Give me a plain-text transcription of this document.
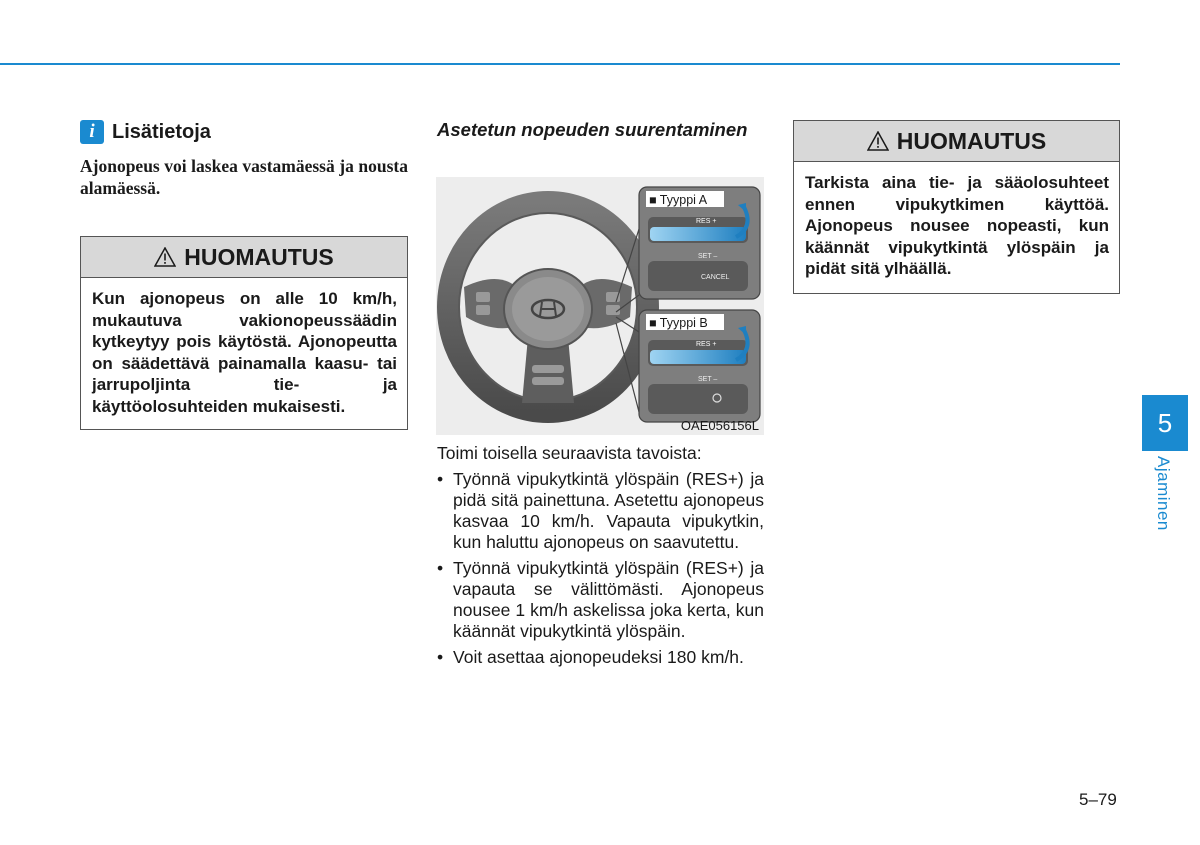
i Lisätietoja
Ajonopeus voi laskea vastamäessä ja nousta alamäessä.
HUOMAUTUS
Kun ajonopeus on alle 10 km/h, mukautuva vakionopeussäädin kytkeytyy pois käytöstä. Ajonopeutta on säädettävä painamalla kaasu- tai jarrupoljinta tie- ja käyttöolosuhteiden mukaisesti.
Asetetun nopeuden suurentaminen
■ Tyyppi A
RES +
SET –
CANCEL
■ Tyyppi B
RES +
SET –
OAE056156L
Toimi toisella seuraavista tavoista:
• Työnnä vipukytkintä ylöspäin (RES+) ja pidä sitä painettuna. Asetettu ajonopeus kasvaa 10 km/h. Vapauta vipukytkin, kun haluttu ajonopeus on saavutettu.
• Työnnä vipukytkintä ylöspäin (RES+) ja vapauta se välittömästi. Ajonopeus nousee 1 km/h askelissa joka kerta, kun käännät vipukytkintä ylöspäin.
• Voit asettaa ajonopeudeksi 180 km/h.
HUOMAUTUS
Tarkista aina tie- ja sääolosuhteet ennen vipukytkimen käyttöä. Ajonopeus nousee nopeasti, kun käännät vipukytkintä ylöspäin ja pidät sitä ylhäällä.
5
Ajaminen
5–79
